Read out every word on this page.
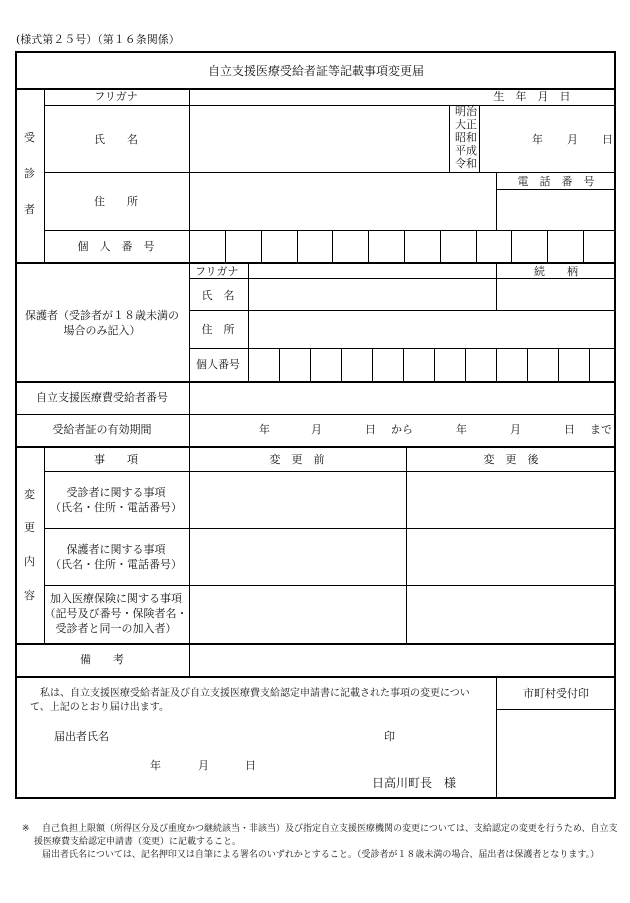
(様式第２５号）（第１６条関係）
自立支援医療受給者証等記載事項変更届
受
診
者
フリガナ	生　年　月　日
氏　　名
明治
大正
昭和
平成
令和
年 月 日
住　　所
電　話　番　号
個　人　番　号
保護者（受診者が１８歳未満の場合のみ記入）
フリガナ	続　　柄
氏　名
住　所
個人番号
自立支援医療費受給者番号
受給者証の有効期間	年	月	日 から	年	月	日 まで
変
更
内
容
事　　項	変　更　前	変　更　後
受診者に関する事項
（氏名・住所・電話番号）
保護者に関する事項
（氏名・住所・電話番号）
加入医療保険に関する事項
（記号及び番号・保険者名・
受診者と同一の加入者）
備　　考
　私は、自立支援医療受給者証及び自立支援医療費支給認定申請書に記載された事項の変更につい
て、上記のとおり届け出ます。
届出者氏名	印
年	月	日
日高川町長　様
市町村受付印
※ 自己負担上限額（所得区分及び重度かつ継続該当・非該当）及び指定自立支援医療機関の変更については、支給認定の変更を行うため、自立支
援医療費支給認定申請書（変更）に記載すること。
届出者氏名については、記名押印又は自筆による署名のいずれかとすること。（受診者が１８歳未満の場合、届出者は保護者となります。）
